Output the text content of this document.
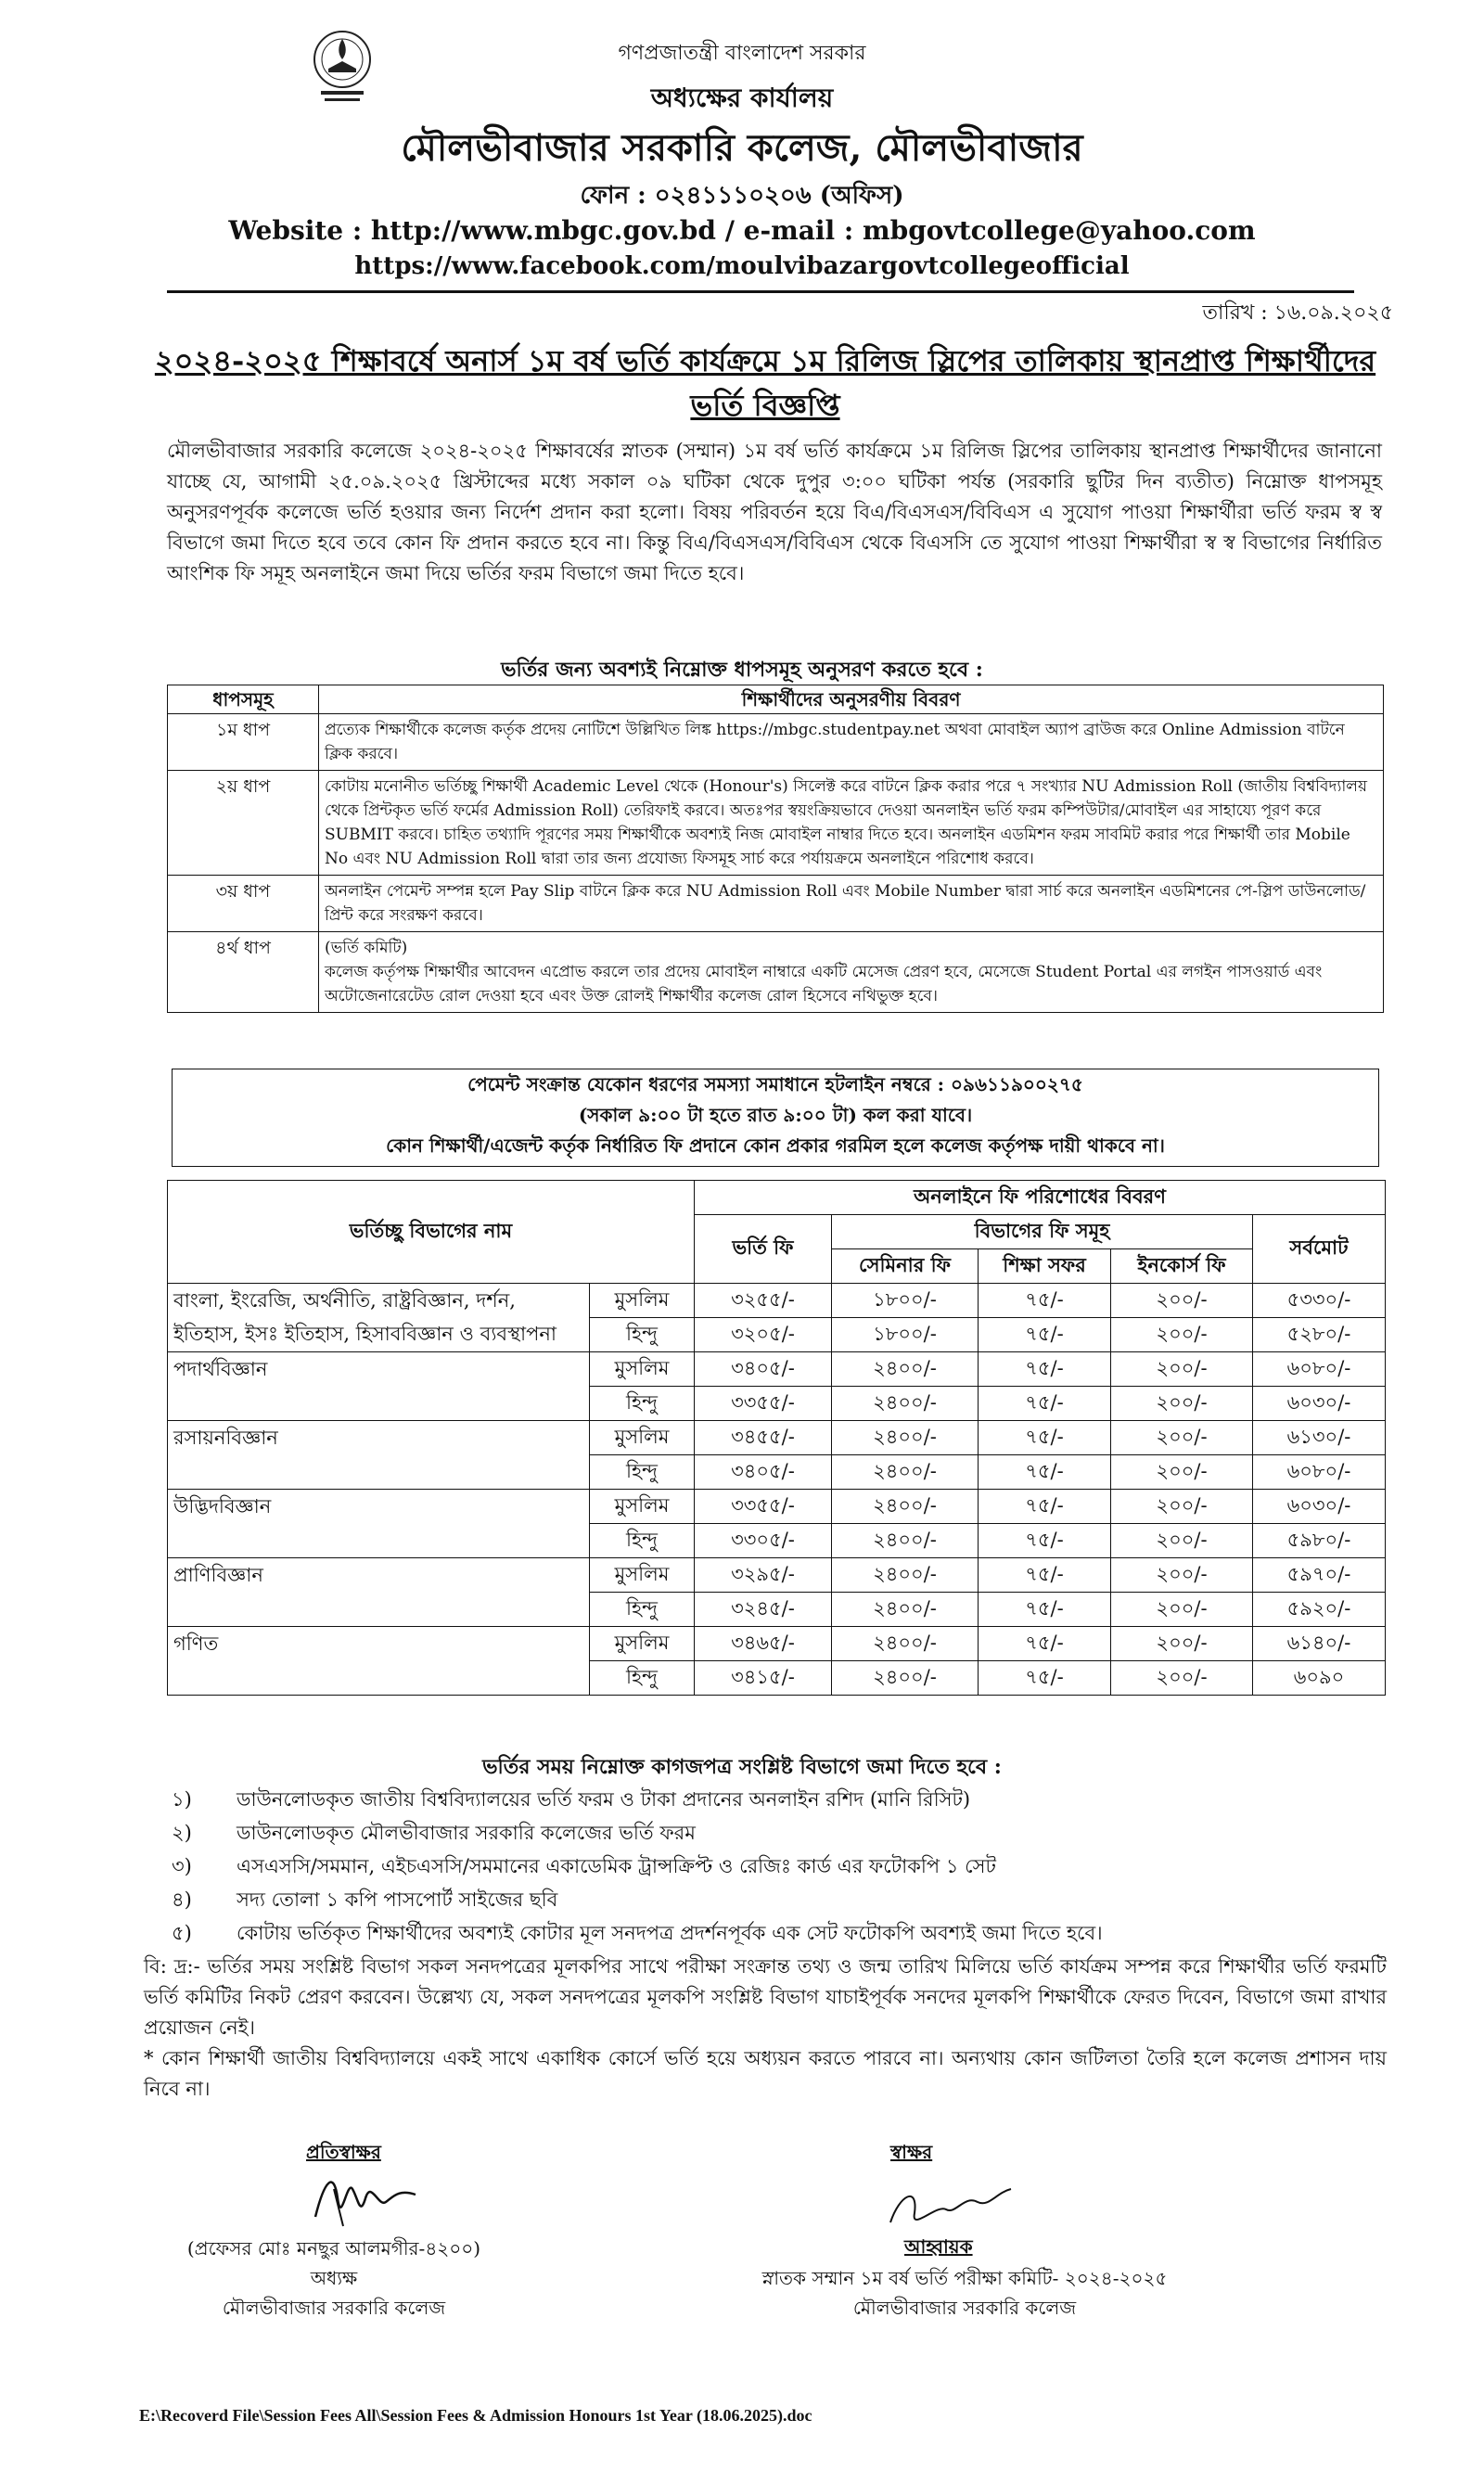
গণপ্রজাতন্ত্রী বাংলাদেশ সরকার
অধ্যক্ষের কার্যালয়
মৌলভীবাজার সরকারি কলেজ, মৌলভীবাজার
ফোন : ০২৪১১১০২০৬ (অফিস)
Website : http://www.mbgc.gov.bd / e-mail : mbgovtcollege@yahoo.com
https://www.facebook.com/moulvibazargovtcollegeofficial
তারিখ : ১৬.০৯.২০২৫
২০২৪-২০২৫ শিক্ষাবর্ষে অনার্স ১ম বর্ষ ভর্তি কার্যক্রমে ১ম রিলিজ স্লিপের তালিকায় স্থানপ্রাপ্ত শিক্ষার্থীদের ভর্তি বিজ্ঞপ্তি
মৌলভীবাজার সরকারি কলেজে ২০২৪-২০২৫ শিক্ষাবর্ষের স্নাতক (সম্মান) ১ম বর্ষ ভর্তি কার্যক্রমে ১ম রিলিজ স্লিপের তালিকায় স্থানপ্রাপ্ত শিক্ষার্থীদের জানানো যাচ্ছে যে, আগামী ২৫.০৯.২০২৫ খ্রিস্টাব্দের মধ্যে সকাল ০৯ ঘটিকা থেকে দুপুর ৩:০০ ঘটিকা পর্যন্ত (সরকারি ছুটির দিন ব্যতীত) নিম্নোক্ত ধাপসমূহ অনুসরণপূর্বক কলেজে ভর্তি হওয়ার জন্য নির্দেশ প্রদান করা হলো। বিষয় পরিবর্তন হয়ে বিএ/বিএসএস/বিবিএস এ সুযোগ পাওয়া শিক্ষার্থীরা ভর্তি ফরম স্ব স্ব বিভাগে জমা দিতে হবে তবে কোন ফি প্রদান করতে হবে না। কিন্তু বিএ/বিএসএস/বিবিএস থেকে বিএসসি তে সুযোগ পাওয়া শিক্ষার্থীরা স্ব স্ব বিভাগের নির্ধারিত আংশিক ফি সমূহ অনলাইনে জমা দিয়ে ভর্তির ফরম বিভাগে জমা দিতে হবে।
ভর্তির জন্য অবশ্যই নিম্নোক্ত ধাপসমূহ অনুসরণ করতে হবে :
ধাপসমূহ	শিক্ষার্থীদের অনুসরণীয় বিবরণ
১ম ধাপ	প্রত্যেক শিক্ষার্থীকে কলেজ কর্তৃক প্রদেয় নোটিশে উল্লিখিত লিঙ্ক https://mbgc.studentpay.net অথবা মোবাইল অ্যাপ ব্রাউজ করে Online Admission বাটনে ক্লিক করবে।
২য় ধাপ	কোটায় মনোনীত ভর্তিচ্ছু শিক্ষার্থী Academic Level থেকে (Honour's) সিলেক্ট করে বাটনে ক্লিক করার পরে ৭ সংখ্যার NU Admission Roll (জাতীয় বিশ্ববিদ্যালয় থেকে প্রিন্টকৃত ভর্তি ফর্মের Admission Roll) তেরিফাই করবে। অতঃপর স্বয়ংক্রিয়ভাবে দেওয়া অনলাইন ভর্তি ফরম কম্পিউটার/মোবাইল এর সাহায্যে পূরণ করে SUBMIT করবে। চাহিত তথ্যাদি পূরণের সময় শিক্ষার্থীকে অবশ্যই নিজ মোবাইল নাম্বার দিতে হবে। অনলাইন এডমিশন ফরম সাবমিট করার পরে শিক্ষার্থী তার Mobile No এবং NU Admission Roll দ্বারা তার জন্য প্রযোজ্য ফিসমূহ সার্চ করে পর্যায়ক্রমে অনলাইনে পরিশোধ করবে।
৩য় ধাপ	অনলাইন পেমেন্ট সম্পন্ন হলে Pay Slip বাটনে ক্লিক করে NU Admission Roll এবং Mobile Number দ্বারা সার্চ করে অনলাইন এডমিশনের পে-স্লিপ ডাউনলোড/প্রিন্ট করে সংরক্ষণ করবে।
৪র্থ ধাপ	(ভর্তি কমিটি)
কলেজ কর্তৃপক্ষ শিক্ষার্থীর আবেদন এপ্রোভ করলে তার প্রদেয় মোবাইল নাম্বারে একটি মেসেজ প্রেরণ হবে, মেসেজে Student Portal এর লগইন পাসওয়ার্ড এবং অটোজেনারেটেড রোল দেওয়া হবে এবং উক্ত রোলই শিক্ষার্থীর কলেজ রোল হিসেবে নথিভুক্ত হবে।
পেমেন্ট সংক্রান্ত যেকোন ধরণের সমস্যা সমাধানে হটলাইন নম্বরে : ০৯৬১১৯০০২৭৫
(সকাল ৯:০০ টা হতে রাত ৯:০০ টা) কল করা যাবে।
কোন শিক্ষার্থী/এজেন্ট কর্তৃক নির্ধারিত ফি প্রদানে কোন প্রকার গরমিল হলে কলেজ কর্তৃপক্ষ দায়ী থাকবে না।
ভর্তিচ্ছু বিভাগের নাম		অনলাইনে ফি পরিশোধের বিবরণ				
		ভর্তি ফি	বিভাগের ফি সমূহ			সর্বমোট
			সেমিনার ফি	শিক্ষা সফর	ইনকোর্স ফি	
বাংলা, ইংরেজি, অর্থনীতি, রাষ্ট্রবিজ্ঞান, দর্শন, ইতিহাস, ইসঃ ইতিহাস, হিসাববিজ্ঞান ও ব্যবস্থাপনা	মুসলিম	৩২৫৫/-	১৮০০/-	৭৫/-	২০০/-	৫৩৩০/-
	হিন্দু	৩২০৫/-	১৮০০/-	৭৫/-	২০০/-	৫২৮০/-
পদার্থবিজ্ঞান	মুসলিম	৩৪০৫/-	২৪০০/-	৭৫/-	২০০/-	৬০৮০/-
	হিন্দু	৩৩৫৫/-	২৪০০/-	৭৫/-	২০০/-	৬০৩০/-
রসায়নবিজ্ঞান	মুসলিম	৩৪৫৫/-	২৪০০/-	৭৫/-	২০০/-	৬১৩০/-
	হিন্দু	৩৪০৫/-	২৪০০/-	৭৫/-	২০০/-	৬০৮০/-
উদ্ভিদবিজ্ঞান	মুসলিম	৩৩৫৫/-	২৪০০/-	৭৫/-	২০০/-	৬০৩০/-
	হিন্দু	৩৩০৫/-	২৪০০/-	৭৫/-	২০০/-	৫৯৮০/-
প্রাণিবিজ্ঞান	মুসলিম	৩২৯৫/-	২৪০০/-	৭৫/-	২০০/-	৫৯৭০/-
	হিন্দু	৩২৪৫/-	২৪০০/-	৭৫/-	২০০/-	৫৯২০/-
গণিত	মুসলিম	৩৪৬৫/-	২৪০০/-	৭৫/-	২০০/-	৬১৪০/-
	হিন্দু	৩৪১৫/-	২৪০০/-	৭৫/-	২০০/-	৬০৯০
ভর্তির সময় নিম্নোক্ত কাগজপত্র সংশ্লিষ্ট বিভাগে জমা দিতে হবে :
১) ডাউনলোডকৃত জাতীয় বিশ্ববিদ্যালয়ের ভর্তি ফরম ও টাকা প্রদানের অনলাইন রশিদ (মানি রিসিট)
২) ডাউনলোডকৃত মৌলভীবাজার সরকারি কলেজের ভর্তি ফরম
৩) এসএসসি/সমমান, এইচএসসি/সমমানের একাডেমিক ট্রান্সক্রিপ্ট ও রেজিঃ কার্ড এর ফটোকপি ১ সেট
৪) সদ্য তোলা ১ কপি পাসপোর্ট সাইজের ছবি
৫) কোটায় ভর্তিকৃত শিক্ষার্থীদের অবশ্যই কোটার মূল সনদপত্র প্রদর্শনপূর্বক এক সেট ফটোকপি অবশ্যই জমা দিতে হবে।
বি: দ্র:- ভর্তির সময় সংশ্লিষ্ট বিভাগ সকল সনদপত্রের মূলকপির সাথে পরীক্ষা সংক্রান্ত তথ্য ও জন্ম তারিখ মিলিয়ে ভর্তি কার্যক্রম সম্পন্ন করে শিক্ষার্থীর ভর্তি ফরমটি ভর্তি কমিটির নিকট প্রেরণ করবেন। উল্লেখ্য যে, সকল সনদপত্রের মূলকপি সংশ্লিষ্ট বিভাগ যাচাইপূর্বক সনদের মূলকপি শিক্ষার্থীকে ফেরত দিবেন, বিভাগে জমা রাখার প্রয়োজন নেই।
* কোন শিক্ষার্থী জাতীয় বিশ্ববিদ্যালয়ে একই সাথে একাধিক কোর্সে ভর্তি হয়ে অধ্যয়ন করতে পারবে না। অন্যথায় কোন জটিলতা তৈরি হলে কলেজ প্রশাসন দায় নিবে না।
প্রতিস্বাক্ষর
(প্রফেসর মোঃ মনছুর আলমগীর-৪২০০)
অধ্যক্ষ
মৌলভীবাজার সরকারি কলেজ
স্বাক্ষর
আহ্বায়ক
স্নাতক সম্মান ১ম বর্ষ ভর্তি পরীক্ষা কমিটি- ২০২৪-২০২৫
মৌলভীবাজার সরকারি কলেজ
E:\Recoverd File\Session Fees All\Session Fees & Admission Honours 1st Year (18.06.2025).doc
